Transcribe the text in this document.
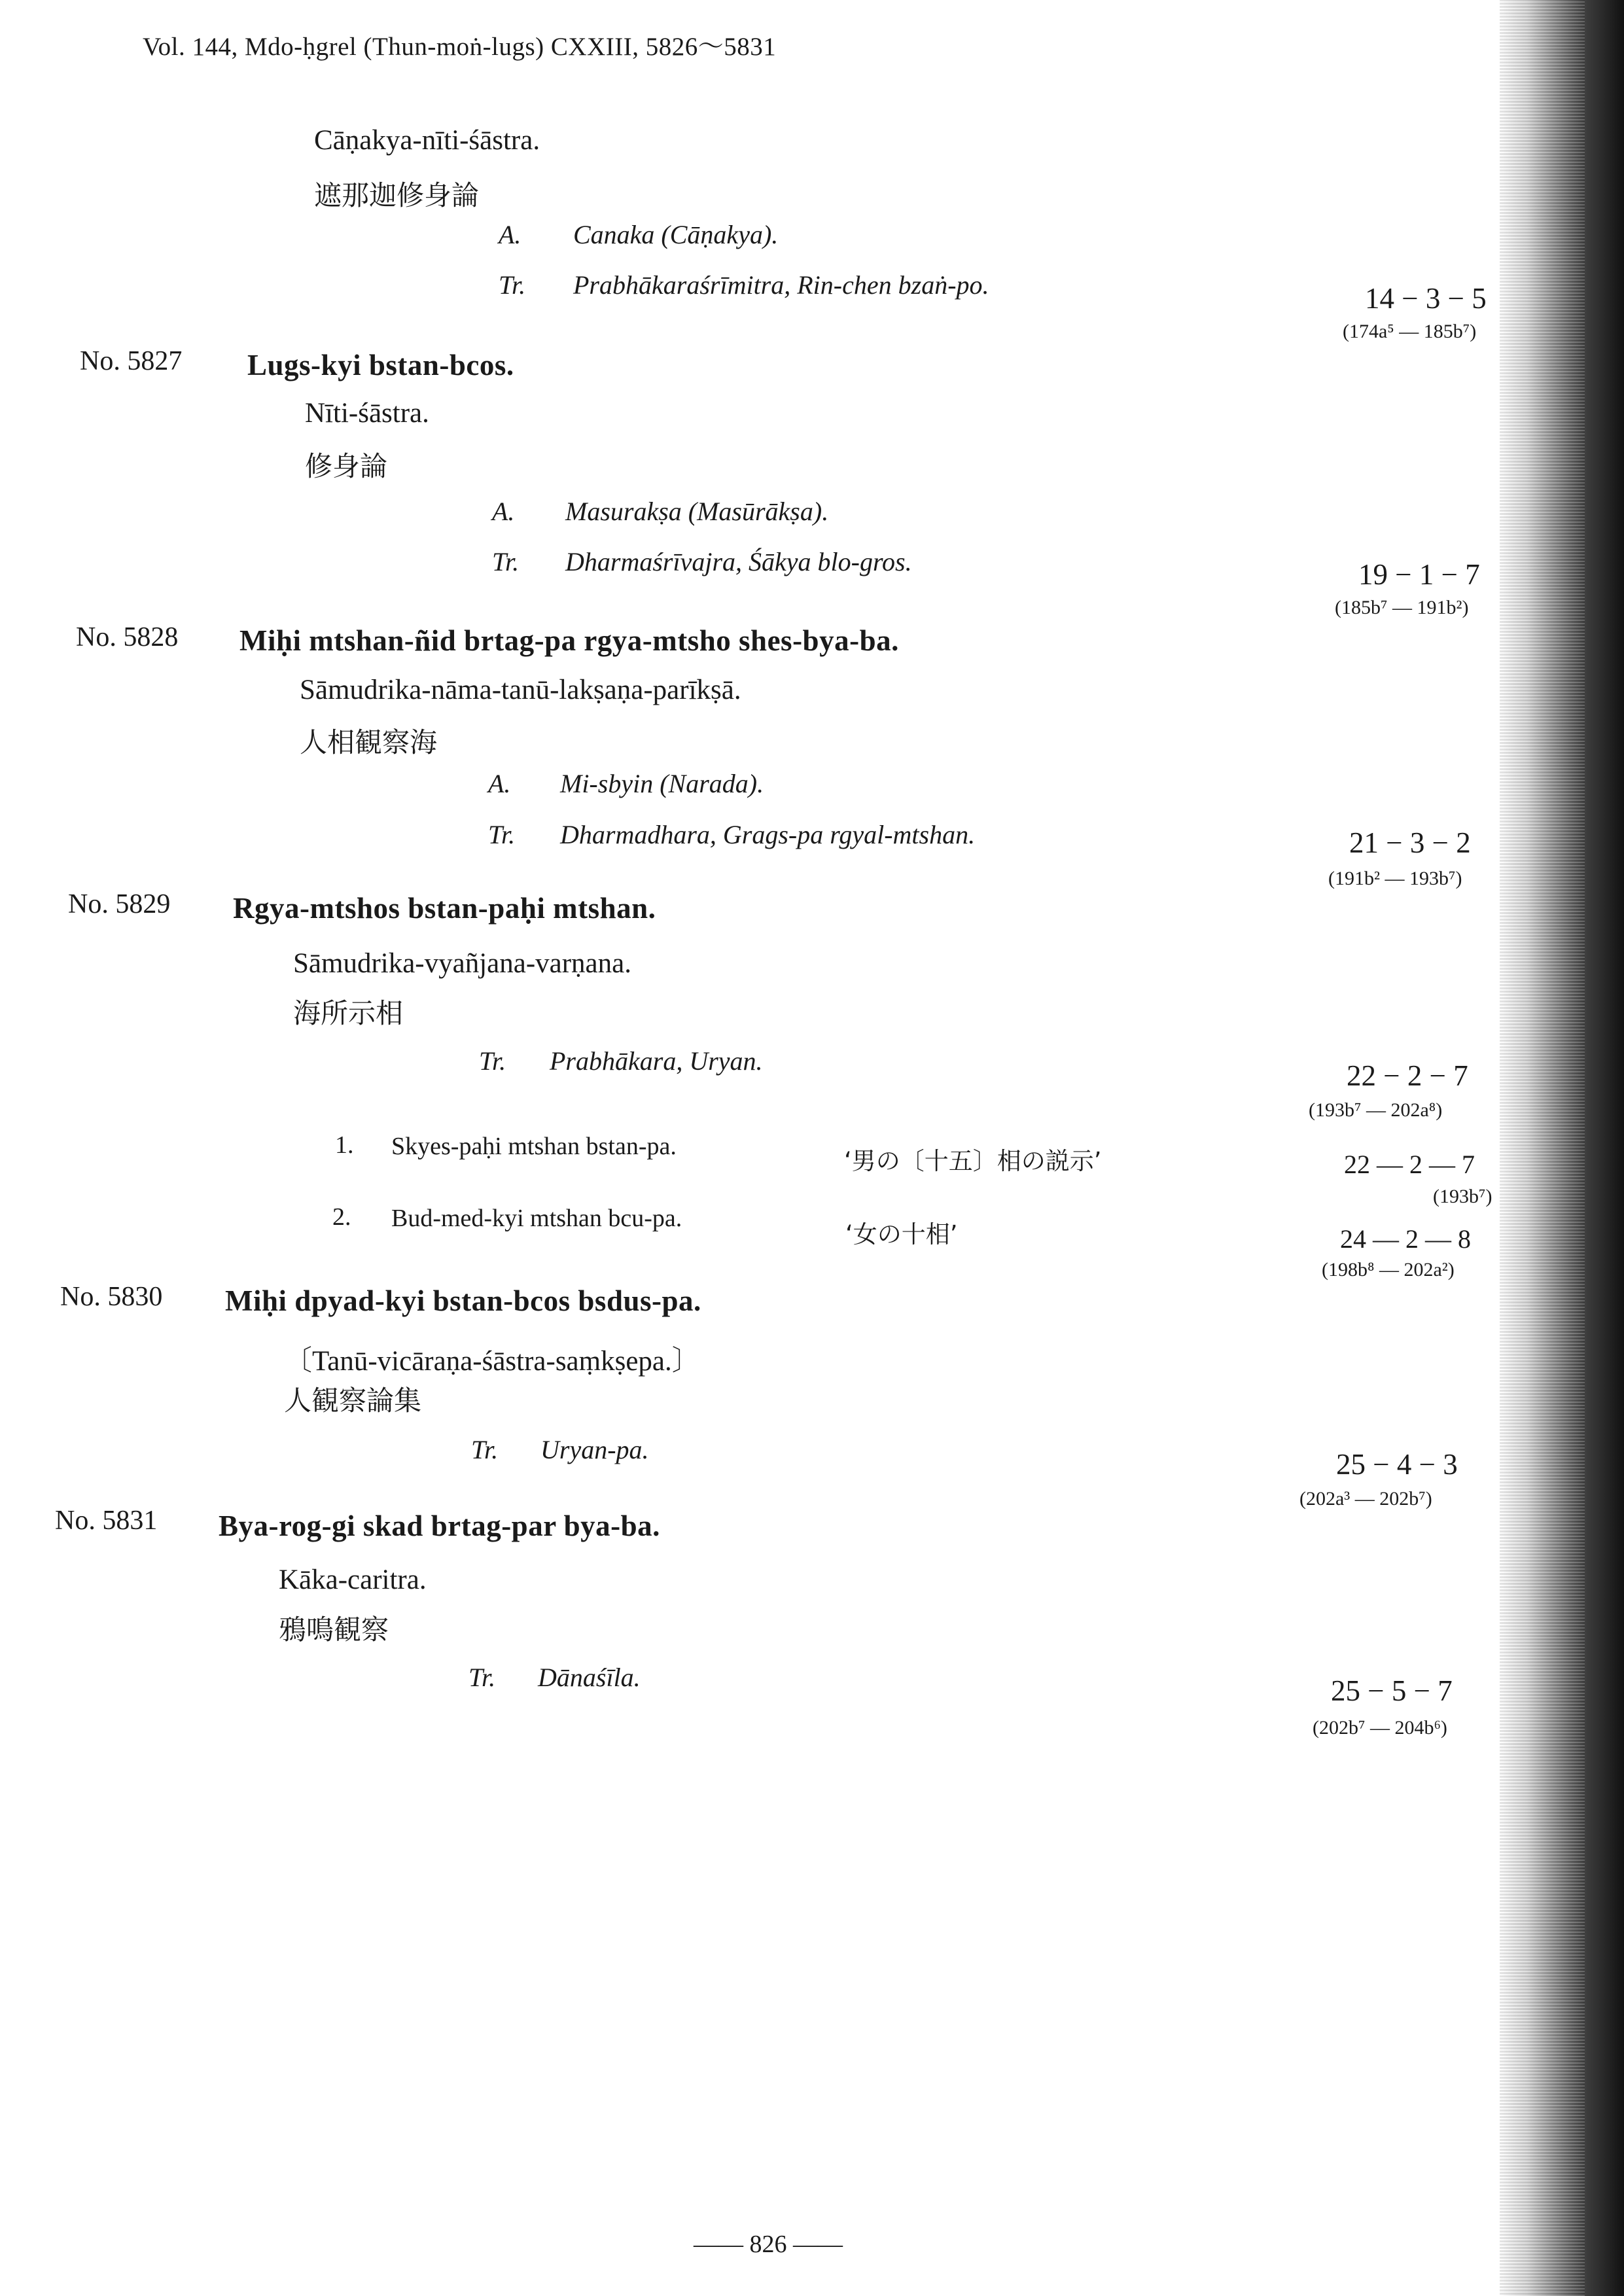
Vol. 144, Mdo-ḥgrel (Thun-moṅ-lugs) CXXIII, 5826～5831
Cāṇakya-nīti-śāstra.
遮那迦修身論
A. Canaka (Cāṇakya).
Tr. Prabhākaraśrīmitra, Rin-chen bzaṅ-po.	14 − 3 − 5
(174a⁵ — 185b⁷)
No. 5827 Lugs-kyi bstan-bcos.
Nīti-śāstra.
修身論
A. Masurakṣa (Masūrākṣa).
Tr. Dharmaśrīvajra, Śākya blo-gros.	19 − 1 − 7
(185b⁷ — 191b²)
No. 5828 Miḥi mtshan-ñid brtag-pa rgya-mtsho shes-bya-ba.
Sāmudrika-nāma-tanū-lakṣaṇa-parīkṣā.
人相観察海
A. Mi-sbyin (Narada).
Tr. Dharmadhara, Grags-pa rgyal-mtshan.	21 − 3 − 2
(191b² — 193b⁷)
No. 5829 Rgya-mtshos bstan-paḥi mtshan.
Sāmudrika-vyañjana-varṇana.
海所示相
Tr. Prabhākara, Uryan.	22 − 2 − 7
(193b⁷ — 202a⁸)
1. Skyes-paḥi mtshan bstan-pa.
‘男の〔十五〕相の説示’	22 — 2 — 7
(193b⁷)
2. Bud-med-kyi mtshan bcu-pa.
‘女の十相’	24 — 2 — 8
(198b⁸ — 202a²)
No. 5830 Miḥi dpyad-kyi bstan-bcos bsdus-pa.
〔Tanū-vicāraṇa-śāstra-saṃkṣepa.〕
人観察論集
Tr. Uryan-pa.	25 − 4 − 3
(202a³ — 202b⁷)
No. 5831 Bya-rog-gi skad brtag-par bya-ba.
Kāka-caritra.
鴉鳴観察
Tr. Dānaśīla.	25 − 5 − 7
(202b⁷ — 204b⁶)
—— 826 ——
